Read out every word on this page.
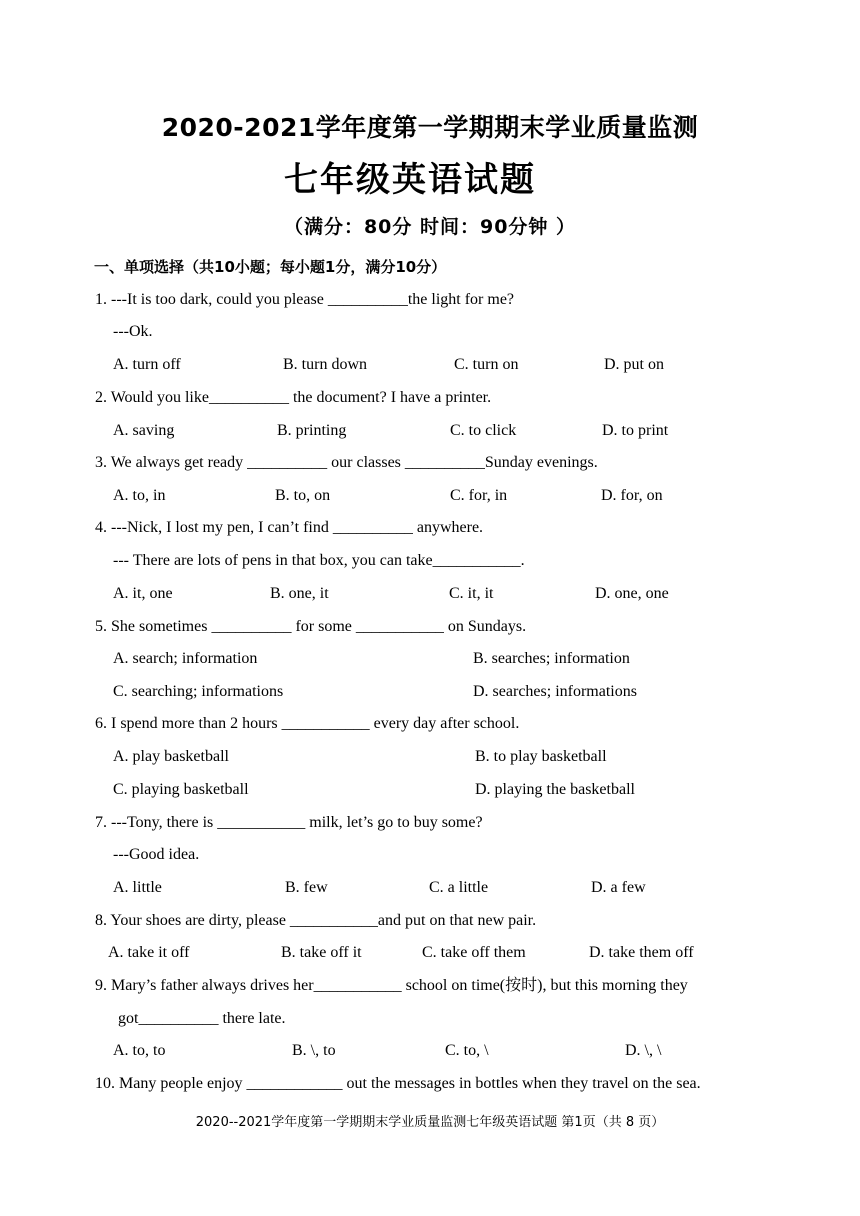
2020-2021学年度第一学期期末学业质量监测
七年级英语试题
（满分：80分 时间：90分钟 ）
一、单项选择（共10小题；每小题1分，满分10分）
1. ---It is too dark, could you please __________the light for me?
---Ok.
A. turn off	B. turn down	C. turn on	D. put on
2. Would you like__________ the document? I have a printer.
A. saving	B. printing	C. to click	D. to print
3. We always get ready __________ our classes __________Sunday evenings.
A. to, in	B. to, on	C. for, in	D. for, on
4. ---Nick, I lost my pen, I can’t find __________ anywhere.
--- There are lots of pens in that box, you can take___________.
A. it, one	B. one, it	C. it, it	D. one, one
5. She sometimes __________ for some ___________ on Sundays.
A. search; information	B. searches; information
C. searching; informations	D. searches; informations
6. I spend more than 2 hours ___________ every day after school.
A. play basketball	B. to play basketball
C. playing basketball	D. playing the basketball
7. ---Tony, there is ___________ milk, let’s go to buy some?
---Good idea.
A. little	B. few	C. a little	D. a few
8. Your shoes are dirty, please ___________and put on that new pair.
A. take it off	B. take off it	C. take off them	D. take them off
9. Mary’s father always drives her___________ school on time(按时), but this morning they
got__________ there late.
A. to, to	B. \, to	C. to, \	D. \, \
10. Many people enjoy ____________ out the messages in bottles when they travel on the sea.
2020--2021学年度第一学期期末学业质量监测七年级英语试题 第1页（共 8 页）
